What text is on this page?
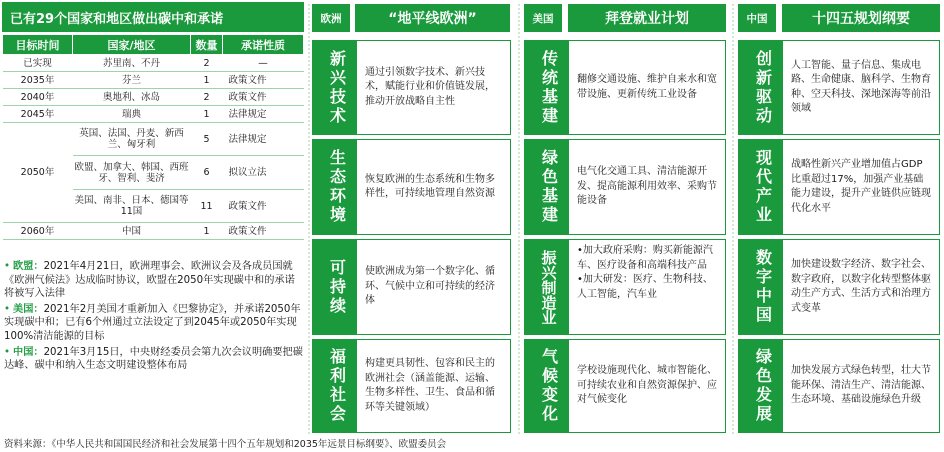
已有29个国家和地区做出碳中和承诺
目标时间	国家/地区	数量	承诺性质
已实现	苏里南、不丹	2	—
2035年	芬兰	1	政策文件
2040年	奥地利、冰岛	2	政策文件
2045年	瑞典	1	法律规定
2050年	英国、法国、丹麦、新西兰、匈牙利	5	法律规定
	欧盟、加拿大、韩国、西班牙、智利、斐济	6	拟议立法
	美国、南非、日本、德国等11国	11	政策文件
2060年	中国	1	政策文件
• 欧盟：2021年4月21日，欧洲理事会、欧洲议会及各成员国就《欧洲气候法》达成临时协议，欧盟在2050年实现碳中和的承诺将被写入法律
• 美国：2021年2月美国才重新加入《巴黎协定》，并承诺2050年实现碳中和；已有6个州通过立法设定了到2045年或2050年实现100%清洁能源的目标
• 中国：2021年3月15日，中央财经委员会第九次会议明确要把碳达峰、碳中和纳入生态文明建设整体布局
资料来源：《中华人民共和国国民经济和社会发展第十四个五年规划和2035年远景目标纲要》、欧盟委员会
欧洲	“地平线欧洲”
新兴技术	通过引领数字技术、新兴技术，赋能行业和价值链发展，推动开放战略自主性
生态环境	恢复欧洲的生态系统和生物多样性，可持续地管理自然资源
可持续	使欧洲成为第一个数字化、循环、气候中立和可持续的经济体
福利社会	构建更具韧性、包容和民主的欧洲社会（涵盖能源、运输、生物多样性、卫生、食品和循环等关键领域）
美国	拜登就业计划
传统基建	翻修交通设施、维护自来水和宽带设施、更新传统工业设备
绿色基建	电气化交通工具、清洁能源开发、提高能源利用效率、采购节能设备
振兴制造业	•加大政府采购：购买新能源汽车、医疗设备和高端科技产品
•加大研发：医疗、生物科技、人工智能，汽车业
气候变化	学校设施现代化、城市智能化、可持续农业和自然资源保护、应对气候变化
中国	十四五规划纲要
创新驱动	人工智能、量子信息、集成电路、生命健康、脑科学、生物育种、空天科技、深地深海等前沿领域
现代产业	战略性新兴产业增加值占GDP比重超过17%，加强产业基础能力建设，提升产业链供应链现代化水平
数字中国	加快建设数字经济、数字社会、数字政府，以数字化转型整体驱动生产方式、生活方式和治理方式变革
绿色发展	加快发展方式绿色转型，壮大节能环保、清洁生产、清洁能源、生态环境、基础设施绿色升级
